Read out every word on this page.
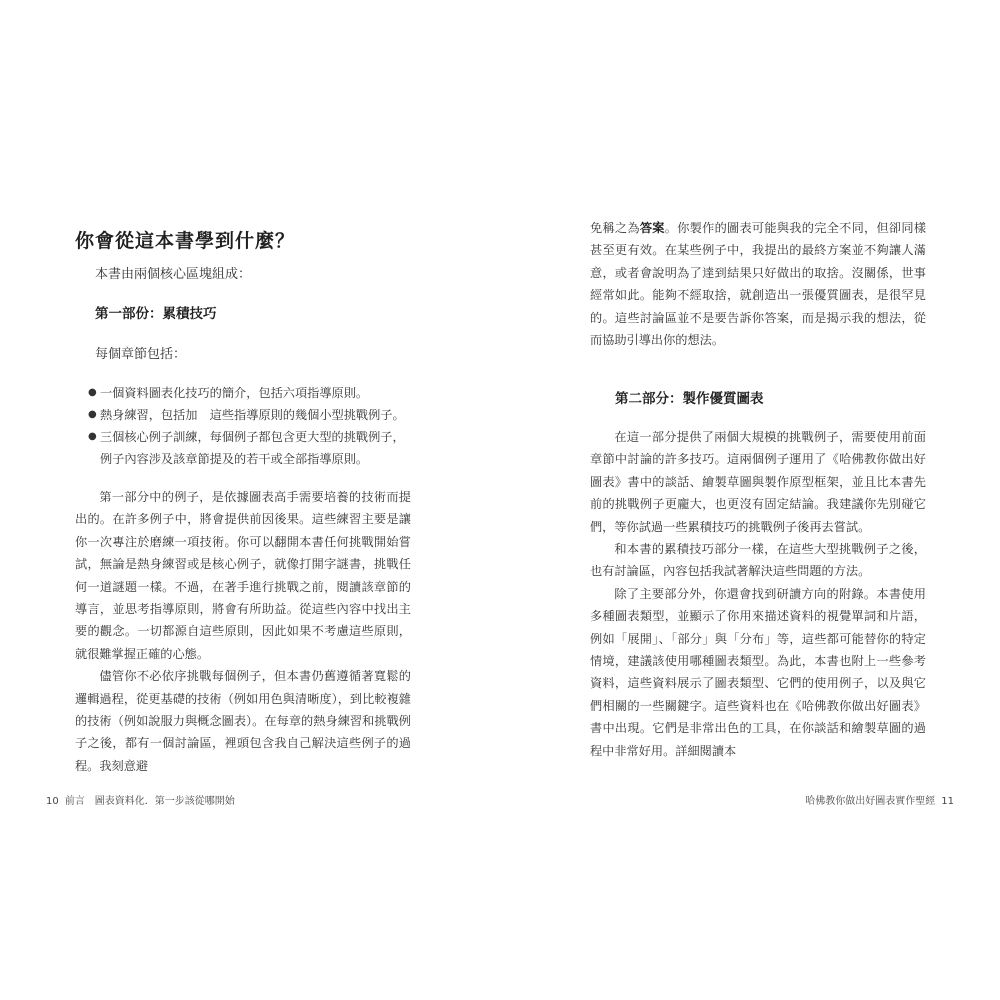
你會從這本書學到什麼？
本書由兩個核心區塊組成：
第一部份：累積技巧
每個章節包括：
● 一個資料圖表化技巧的簡介，包括六項指導原則。
● 熱身練習，包括加　這些指導原則的幾個小型挑戰例子。
● 三個核心例子訓練，每個例子都包含更大型的挑戰例子，例子內容涉及該章節提及的若干或全部指導原則。

第一部分中的例子，是依據圖表高手需要培養的技術而提出的。在許多例子中，將會提供前因後果。這些練習主要是讓你一次專注於磨練一項技術。你可以翻開本書任何挑戰開始嘗試，無論是熱身練習或是核心例子，就像打開字謎書，挑戰任何一道謎題一樣。不過，在著手進行挑戰之前，閱讀該章節的導言，並思考指導原則，將會有所助益。從這些內容中找出主要的觀念。一切都源自這些原則，因此如果不考慮這些原則，就很難掌握正確的心態。

儘管你不必依序挑戰每個例子，但本書仍舊遵循著寬鬆的邏輯過程，從更基礎的技術（例如用色與清晰度），到比較複雜的技術（例如說服力與概念圖表）。在每章的熱身練習和挑戰例子之後，都有一個討論區，裡頭包含我自己解決這些例子的過程。我刻意避

10 前言　圖表資料化．第一步該從哪開始

免稱之為答案。你製作的圖表可能與我的完全不同，但卻同樣甚至更有效。在某些例子中，我提出的最終方案並不夠讓人滿意，或者會說明為了達到結果只好做出的取捨。沒關係，世事經常如此。能夠不經取捨，就創造出一張優質圖表，是很罕見的。這些討論區並不是要告訴你答案，而是揭示我的想法，從而協助引導出你的想法。

第二部分：製作優質圖表

在這一部分提供了兩個大規模的挑戰例子，需要使用前面章節中討論的許多技巧。這兩個例子運用了《哈佛教你做出好圖表》書中的談話、繪製草圖與製作原型框架，並且比本書先前的挑戰例子更龐大，也更沒有固定結論。我建議你先別碰它們，等你試過一些累積技巧的挑戰例子後再去嘗試。

和本書的累積技巧部分一樣，在這些大型挑戰例子之後，也有討論區，內容包括我試著解決這些問題的方法。

除了主要部分外，你還會找到研讀方向的附錄。本書使用多種圖表類型，並顯示了你用來描述資料的視覺單詞和片語，例如「展開」、「部分」與「分布」等，這些都可能替你的特定情境，建議該使用哪種圖表類型。為此，本書也附上一些參考資料，這些資料展示了圖表類型、它們的使用例子，以及與它們相關的一些關鍵字。這些資料也在《哈佛教你做出好圖表》書中出現。它們是非常出色的工具，在你談話和繪製草圖的過程中非常好用。詳細閱讀本

哈佛教你做出好圖表實作聖經 11
